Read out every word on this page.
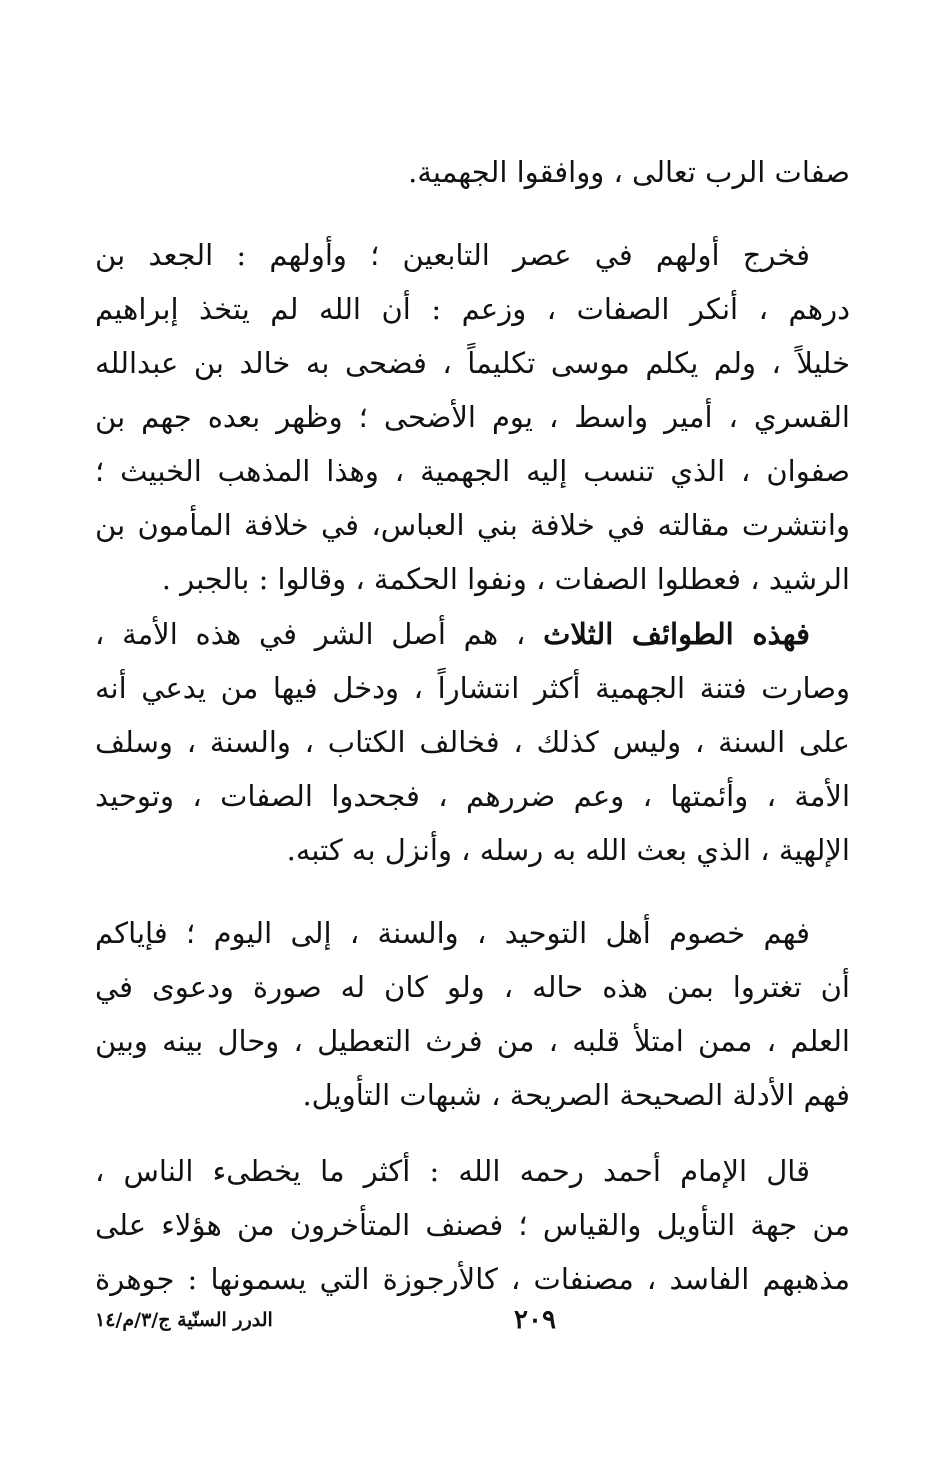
صفات الرب تعالى ، ووافقوا الجهمية.
فخرج أولهم في عصر التابعين ؛ وأولهم : الجعد بن
درهم ، أنكر الصفات ، وزعم : أن الله لم يتخذ إبراهيم
خليلاً ، ولم يكلم موسى تكليماً ، فضحى به خالد بن عبدالله
القسري ، أمير واسط ، يوم الأضحى ؛ وظهر بعده جهم بن
صفوان ، الذي تنسب إليه الجهمية ، وهذا المذهب الخبيث ؛
وانتشرت مقالته في خلافة بني العباس، في خلافة المأمون بن
الرشيد ، فعطلوا الصفات ، ونفوا الحكمة ، وقالوا : بالجبر .
فهذه الطوائف الثلاث ، هم أصل الشر في هذه الأمة ،
وصارت فتنة الجهمية أكثر انتشاراً ، ودخل فيها من يدعي أنه
على السنة ، وليس كذلك ، فخالف الكتاب ، والسنة ، وسلف
الأمة ، وأئمتها ، وعم ضررهم ، فجحدوا الصفات ، وتوحيد
الإلهية ، الذي بعث الله به رسله ، وأنزل به كتبه.
فهم خصوم أهل التوحيد ، والسنة ، إلى اليوم ؛ فإياكم
أن تغتروا بمن هذه حاله ، ولو كان له صورة ودعوى في
العلم ، ممن امتلأ قلبه ، من فرث التعطيل ، وحال بينه وبين
فهم الأدلة الصحيحة الصريحة ، شبهات التأويل.
قال الإمام أحمد رحمه الله : أكثر ما يخطىء الناس ،
من جهة التأويل والقياس ؛ فصنف المتأخرون من هؤلاء على
مذهبهم الفاسد ، مصنفات ، كالأرجوزة التي يسمونها : جوهرة
٢٠٩
الدرر السنّية ج/٣/م/١٤
